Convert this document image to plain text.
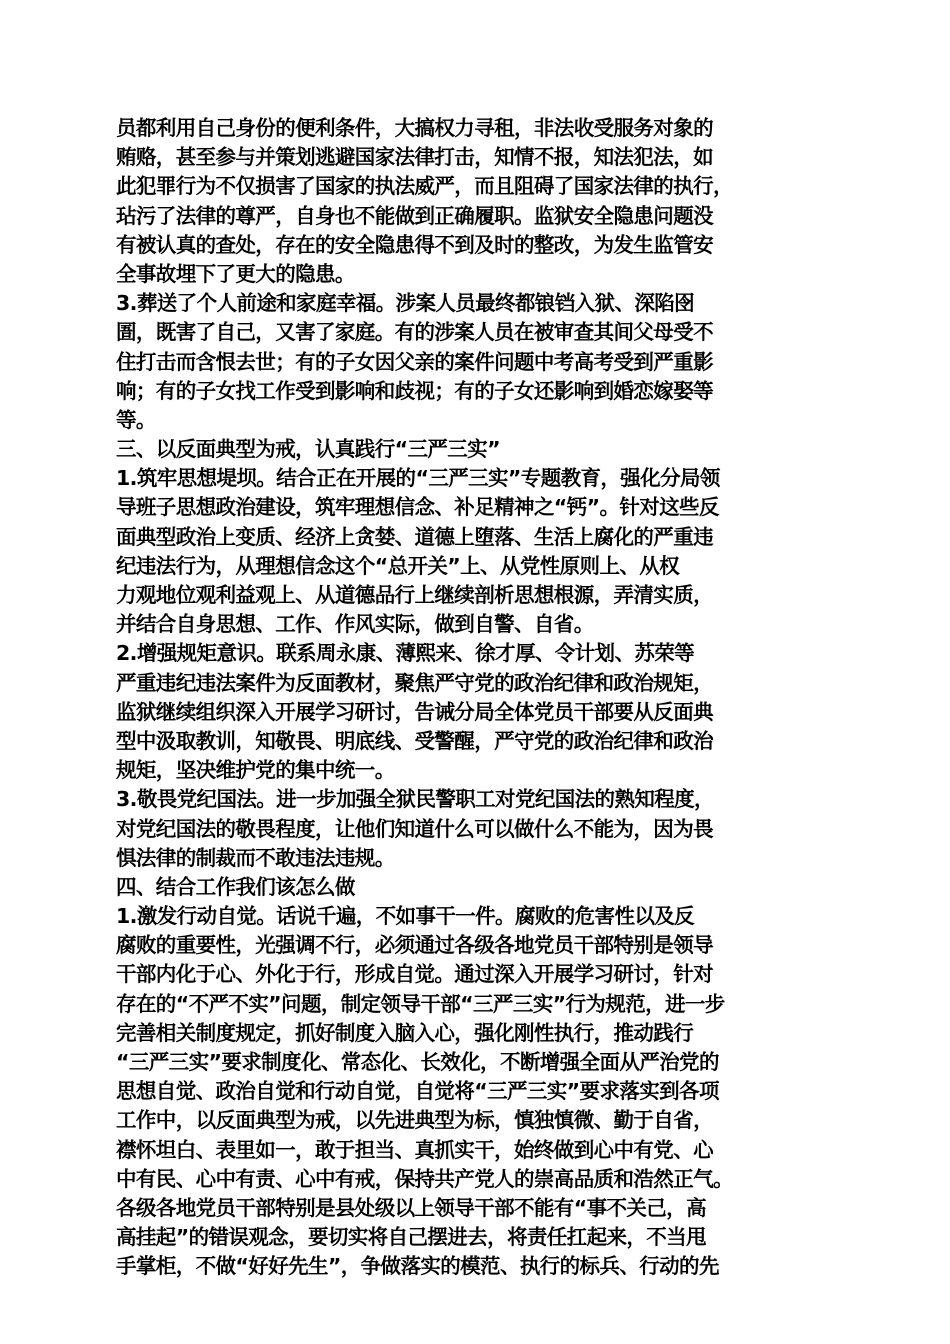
员都利用自己身份的便利条件，大搞权力寻租，非法收受服务对象的
贿赂，甚至参与并策划逃避国家法律打击，知情不报，知法犯法，如
此犯罪行为不仅损害了国家的执法威严，而且阻碍了国家法律的执行，
玷污了法律的尊严，自身也不能做到正确履职。监狱安全隐患问题没
有被认真的查处，存在的安全隐患得不到及时的整改，为发生监管安
全事故埋下了更大的隐患。
3.葬送了个人前途和家庭幸福。涉案人员最终都锒铛入狱、深陷囹
圄，既害了自己，又害了家庭。有的涉案人员在被审查其间父母受不
住打击而含恨去世；有的子女因父亲的案件问题中考高考受到严重影
响；有的子女找工作受到影响和歧视；有的子女还影响到婚恋嫁娶等
等。
三、以反面典型为戒，认真践行“三严三实”
1.筑牢思想堤坝。结合正在开展的“三严三实”专题教育，强化分局领
导班子思想政治建设，筑牢理想信念、补足精神之“钙”。针对这些反
面典型政治上变质、经济上贪婪、道德上堕落、生活上腐化的严重违
纪违法行为，从理想信念这个“总开关”上、从党性原则上、从权
力观地位观利益观上、从道德品行上继续剖析思想根源，弄清实质，
并结合自身思想、工作、作风实际，做到自警、自省。
2.增强规矩意识。联系周永康、薄熙来、徐才厚、令计划、苏荣等
严重违纪违法案件为反面教材，聚焦严守党的政治纪律和政治规矩，
监狱继续组织深入开展学习研讨，告诫分局全体党员干部要从反面典
型中汲取教训，知敬畏、明底线、受警醒，严守党的政治纪律和政治
规矩，坚决维护党的集中统一。
3.敬畏党纪国法。进一步加强全狱民警职工对党纪国法的熟知程度，
对党纪国法的敬畏程度，让他们知道什么可以做什么不能为，因为畏
惧法律的制裁而不敢违法违规。
四、结合工作我们该怎么做
1.激发行动自觉。话说千遍，不如事干一件。腐败的危害性以及反
腐败的重要性，光强调不行，必须通过各级各地党员干部特别是领导
干部内化于心、外化于行，形成自觉。通过深入开展学习研讨，针对
存在的“不严不实”问题，制定领导干部“三严三实”行为规范，进一步
完善相关制度规定，抓好制度入脑入心，强化刚性执行，推动践行
“三严三实”要求制度化、常态化、长效化，不断增强全面从严治党的
思想自觉、政治自觉和行动自觉，自觉将“三严三实”要求落实到各项
工作中，以反面典型为戒，以先进典型为标，慎独慎微、勤于自省，
襟怀坦白、表里如一，敢于担当、真抓实干，始终做到心中有党、心
中有民、心中有责、心中有戒，保持共产党人的崇高品质和浩然正气。
各级各地党员干部特别是县处级以上领导干部不能有“事不关己，高
高挂起”的错误观念，要切实将自己摆进去，将责任扛起来，不当甩
手掌柜，不做“好好先生”，争做落实的模范、执行的标兵、行动的先
